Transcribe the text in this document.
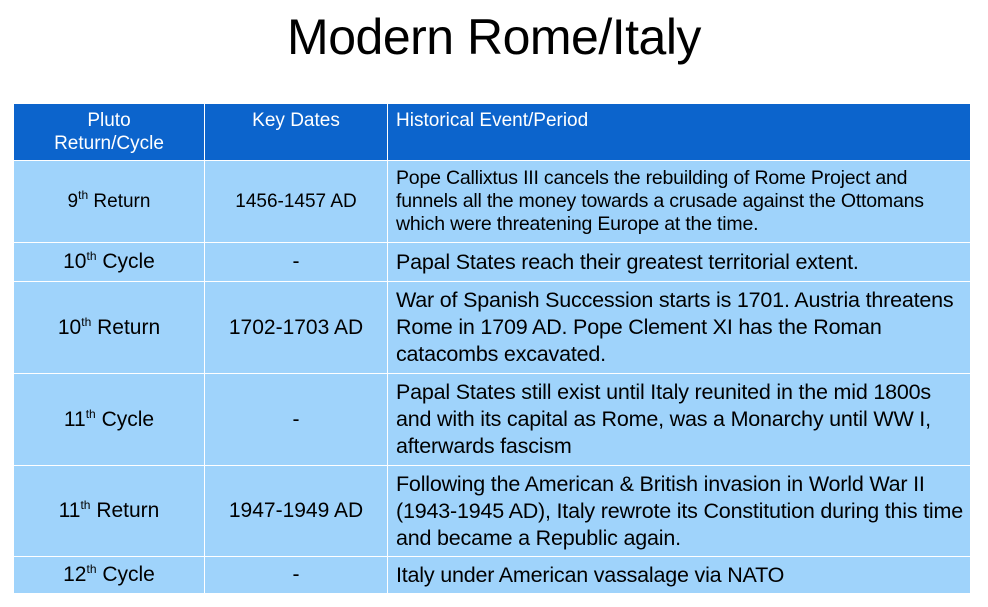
Modern Rome/Italy
Pluto
Return/Cycle	Key Dates	Historical Event/Period
9th Return	1456-1457 AD	Pope Callixtus III cancels the rebuilding of Rome Project and funnels all the money towards a crusade against the Ottomans which were threatening Europe at the time.
10th Cycle	-	Papal States reach their greatest territorial extent.
10th Return	1702-1703 AD	War of Spanish Succession starts is 1701. Austria threatens Rome in 1709 AD. Pope Clement XI has the Roman catacombs excavated.
11th Cycle	-	Papal States still exist until Italy reunited in the mid 1800s and with its capital as Rome, was a Monarchy until WW I, afterwards fascism
11th Return	1947-1949 AD	Following the American & British invasion in World War II (1943-1945 AD), Italy rewrote its Constitution during this time and became a Republic again.
12th Cycle	-	Italy under American vassalage via NATO
